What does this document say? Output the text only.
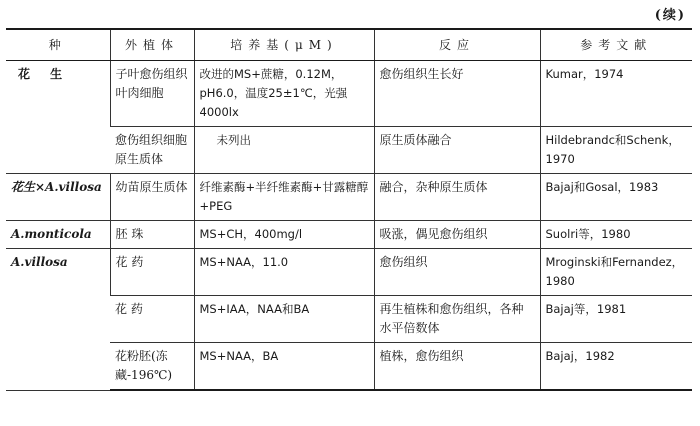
(续)
种	外植体	培养基(μM)	反应	参考文献
花 生	子叶愈伤组织叶肉细胞	改进的MS+蔗糖，0.12M，pH6.0，温度25±1℃，光强4000lx	愈伤组织生长好	Kumar，1974
	愈伤组织细胞原生质体	未列出	原生质体融合	Hildebrandc和Schenk，1970
花生×A.villosa	幼苗原生质体	纤维素酶+半纤维素酶+甘露糖醇+PEG	融合，杂种原生质体	Bajaj和Gosal，1983
A.monticola	胚 珠	MS+CH，400mg/l	吸涨，偶见愈伤组织	Suolri等，1980
A.villosa	花 药	MS+NAA，11.0	愈伤组织	Mroginski和Fernandez，1980
	花 药	MS+IAA，NAA和BA	再生植株和愈伤组织，各种水平倍数体	Bajaj等，1981
	花粉胚(冻藏-196℃)	MS+NAA，BA	植株，愈伤组织	Bajaj，1982
